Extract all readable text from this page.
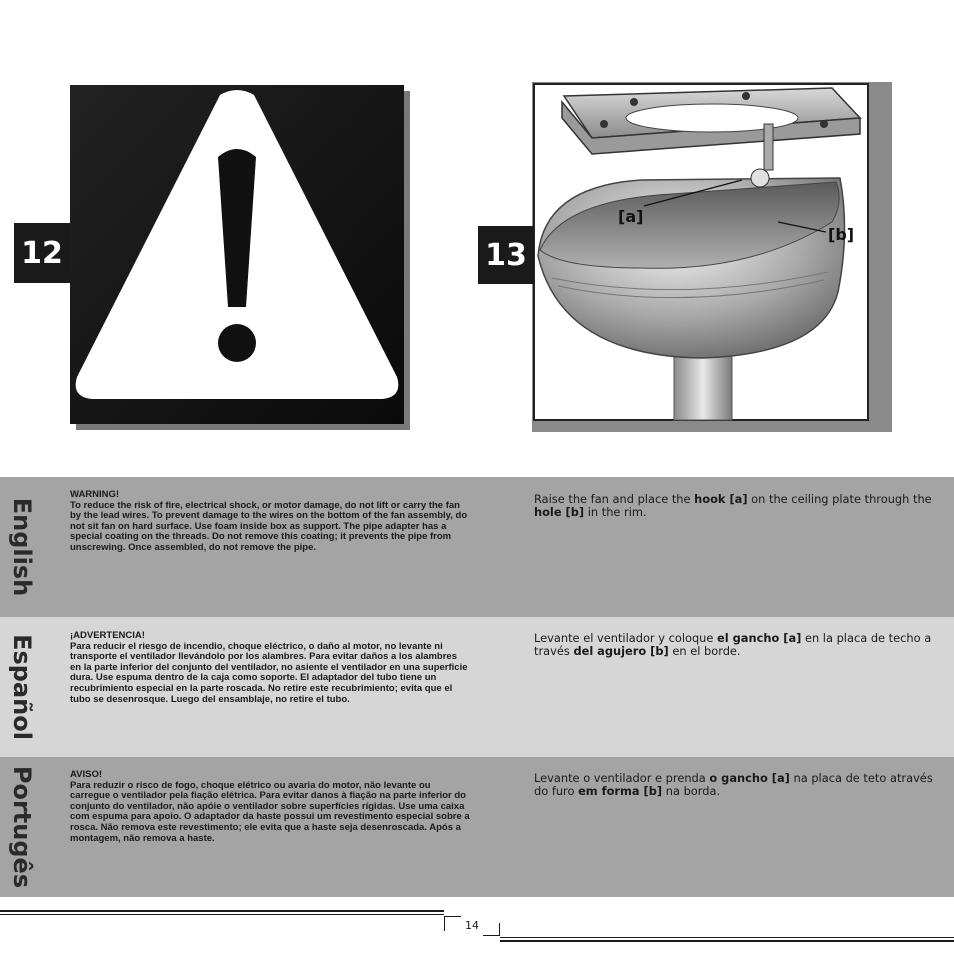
12
[a]
[b]
13
English
WARNING!
To reduce the risk of fire, electrical shock, or motor damage, do not lift or carry the fan by the lead wires. To prevent damage to the wires on the bottom of the fan assembly, do not sit fan on hard surface. Use foam inside box as support. The pipe adapter has a special coating on the threads. Do not remove this coating; it prevents the pipe from unscrewing. Once assembled, do not remove the pipe.
Raise the fan and place the hook [a] on the ceiling plate through the hole [b] in the rim.
Español	¡ADVERTENCIA!
Para reducir el riesgo de incendio, choque eléctrico, o daño al motor, no levante ni transporte el ventilador llevándolo por los alambres. Para evitar daños a los alambres en la parte inferior del conjunto del ventilador, no asiente el ventilador en una superficie dura. Use espuma dentro de la caja como soporte. El adaptador del tubo tiene un recubrimiento especial en la parte roscada. No retire este recubrimiento; evita que el tubo se desenrosque. Luego del ensamblaje, no retire el tubo.
Levante el ventilador y coloque el gancho [a] en la placa de techo a través del agujero [b] en el borde.
Portugês	AVISO!
Para reduzir o risco de fogo, choque elétrico ou avaria do motor, não levante ou carregue o ventilador pela fiação elétrica. Para evitar danos à fiação na parte inferior do conjunto do ventilador, não apóie o ventilador sobre superfícies rígidas. Use uma caixa com espuma para apoio. O adaptador da haste possui um revestimento especial sobre a rosca. Não remova este revestimento; ele evita que a haste seja desenroscada. Após a montagem, não remova a haste.
Levante o ventilador e prenda o gancho [a] na placa de teto através do furo em forma [b] na borda.
14
